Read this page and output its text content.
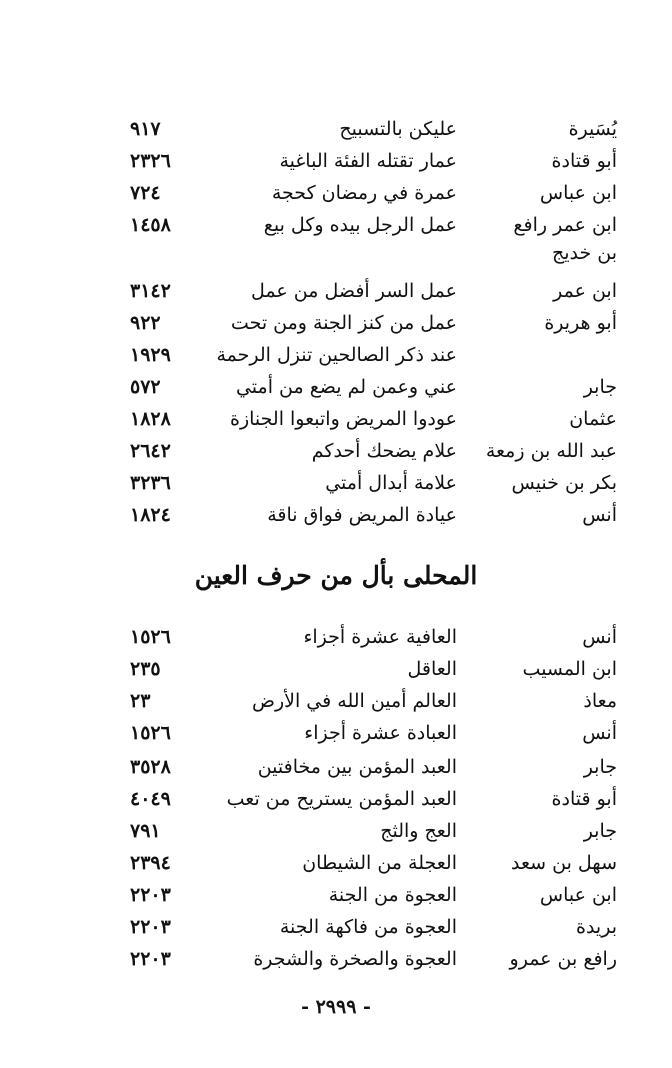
يُسَيرة
عليكن بالتسبيح
٩١٧
أبو قتادة
عمار تقتله الفئة الباغية
٢٣٢٦
ابن عباس
عمرة في رمضان كحجة
٧٢٤
ابن عمر رافع
عمل الرجل بيده وكل بيع
١٤٥٨
بن خديج
ابن عمر
عمل السر أفضل من عمل
٣١٤٢
أبو هريرة
عمل من كنز الجنة ومن تحت
٩٢٢
عند ذكر الصالحين تنزل الرحمة
١٩٢٩
جابر
عني وعمن لم يضع من أمتي
٥٧٢
عثمان
عودوا المريض واتبعوا الجنازة
١٨٢٨
عبد الله بن زمعة
علام يضحك أحدكم
٢٦٤٢
بكر بن خنيس
علامة أبدال أمتي
٣٢٣٦
أنس
عيادة المريض فواق ناقة
١٨٢٤
المحلى بأل من حرف العين
أنس
العافية عشرة أجزاء
١٥٢٦
ابن المسيب
العاقل
٢٣٥
معاذ
العالم أمين الله في الأرض
٢٣
أنس
العبادة عشرة أجزاء
١٥٢٦
جابر
العبد المؤمن بين مخافتين
٣٥٢٨
أبو قتادة
العبد المؤمن يستريح من تعب
٤٠٤٩
جابر
العج والثج
٧٩١
سهل بن سعد
العجلة من الشيطان
٢٣٩٤
ابن عباس
العجوة من الجنة
٢٢٠٣
بريدة
العجوة من فاكهة الجنة
٢٢٠٣
رافع بن عمرو
العجوة والصخرة والشجرة
٢٢٠٣
- ٢٩٩٩ -
